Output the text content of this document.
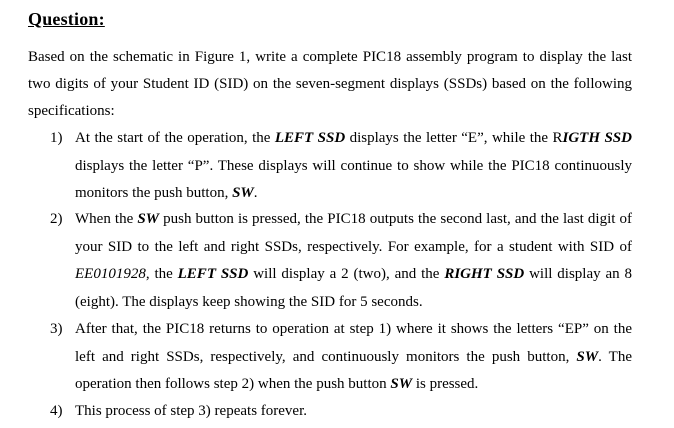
Question:
Based on the schematic in Figure 1, write a complete PIC18 assembly program to display the last two digits of your Student ID (SID) on the seven-segment displays (SSDs) based on the following specifications:
1) At the start of the operation, the LEFT SSD displays the letter “E”, while the RIGTH SSD displays the letter “P”. These displays will continue to show while the PIC18 continuously monitors the push button, SW.
2) When the SW push button is pressed, the PIC18 outputs the second last, and the last digit of your SID to the left and right SSDs, respectively. For example, for a student with SID of EE0101928, the LEFT SSD will display a 2 (two), and the RIGHT SSD will display an 8 (eight). The displays keep showing the SID for 5 seconds.
3) After that, the PIC18 returns to operation at step 1) where it shows the letters “EP” on the left and right SSDs, respectively, and continuously monitors the push button, SW. The operation then follows step 2) when the push button SW is pressed.
4) This process of step 3) repeats forever.
